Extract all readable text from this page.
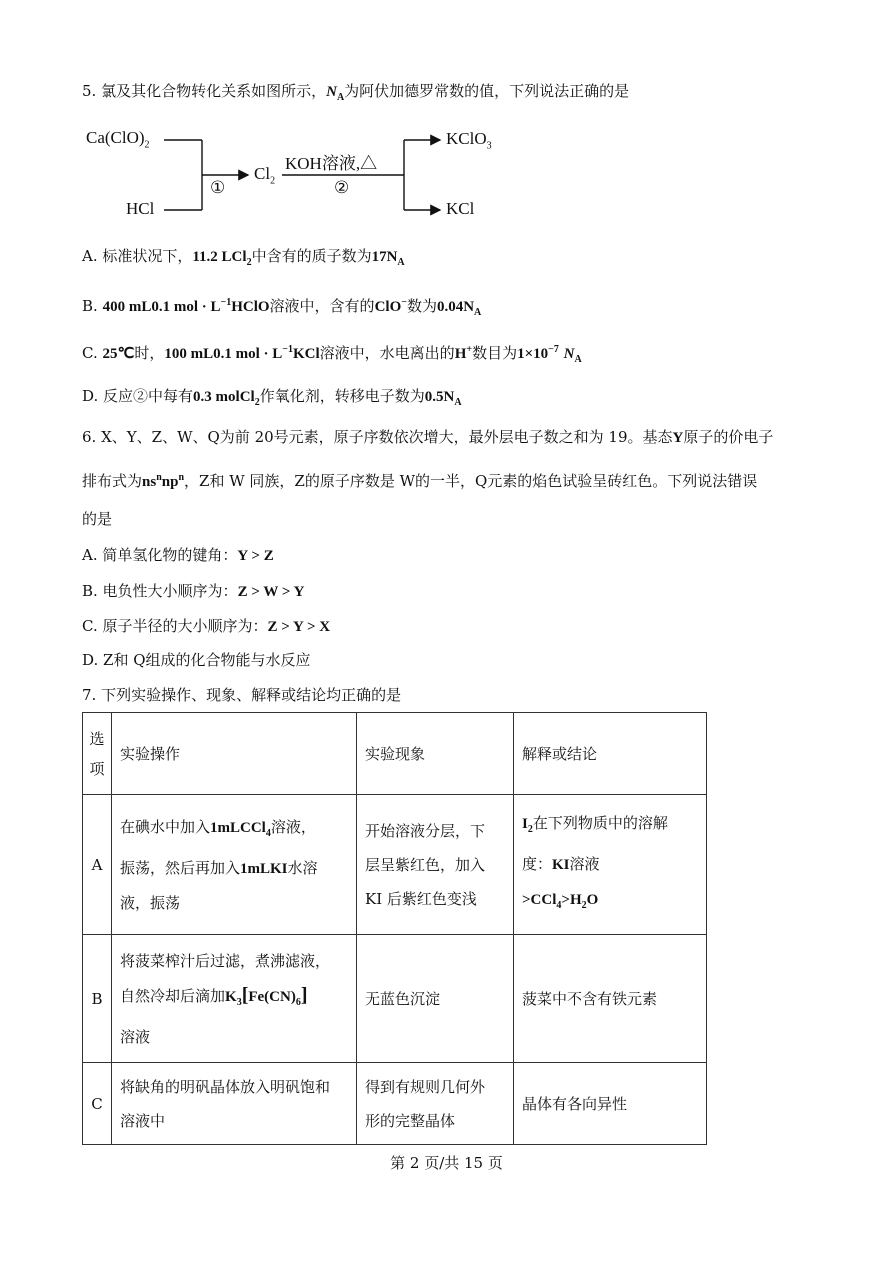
5. 氯及其化合物转化关系如图所示，$N_A$为阿伏加德罗常数的值，下列说法正确的是
$Ca(ClO)_2$
HCl
①
$Cl_2$
KOH溶液,△
②
KClO$_3$
KCl
A. 标准状况下，11.2 LCl$_2$中含有的质子数为$17N_A$
B. 400 mL0.1 mol · $L^{-1}HClO$溶液中，含有的ClO−数为$0.04N_A$
C. 25℃时，100 mL0.1 mol · $L^{-1}KCl$溶液中，水电离出的H+数目为$1\times 10^{-7}$ $N_A$
D. 反应②中每有0.3 molCl$_2$作氧化剂，转移电子数为$0.5N_A$
6. X、Y、Z、W、Q为前 20号元素，原子序数依次增大，最外层电子数之和为 19。基态Y原子的价电子
排布式为$ns^nnp^n$，Z和 W 同族，Z的原子序数是 W的一半，Q元素的焰色试验呈砖红色。下列说法错误
的是
A. 简单氢化物的键角：Y > Z
B. 电负性大小顺序为：Z > W > Y
C. 原子半径的大小顺序为：Z > Y > X
D. Z和 Q组成的化合物能与水反应
7. 下列实验操作、现象、解释或结论均正确的是
选
项	实验操作	实验现象	解释或结论
A	在碘水中加入1mLCCl$_4$溶液，
振荡，然后再加入1mLKI水溶
液，振荡	开始溶液分层，下
层呈紫红色，加入
KI 后紫红色变浅	$I_2$在下列物质中的溶解
度：KI溶液
$>CCl_4>H_2O$
B	将菠菜榨汁后过滤，煮沸滤液，
自然冷却后滴加$K_3[Fe(CN)_6]$
溶液	无蓝色沉淀	菠菜中不含有铁元素
C	将缺角的明矾晶体放入明矾饱和
溶液中	得到有规则几何外
形的完整晶体	晶体有各向异性
第 2 页/共 15 页
